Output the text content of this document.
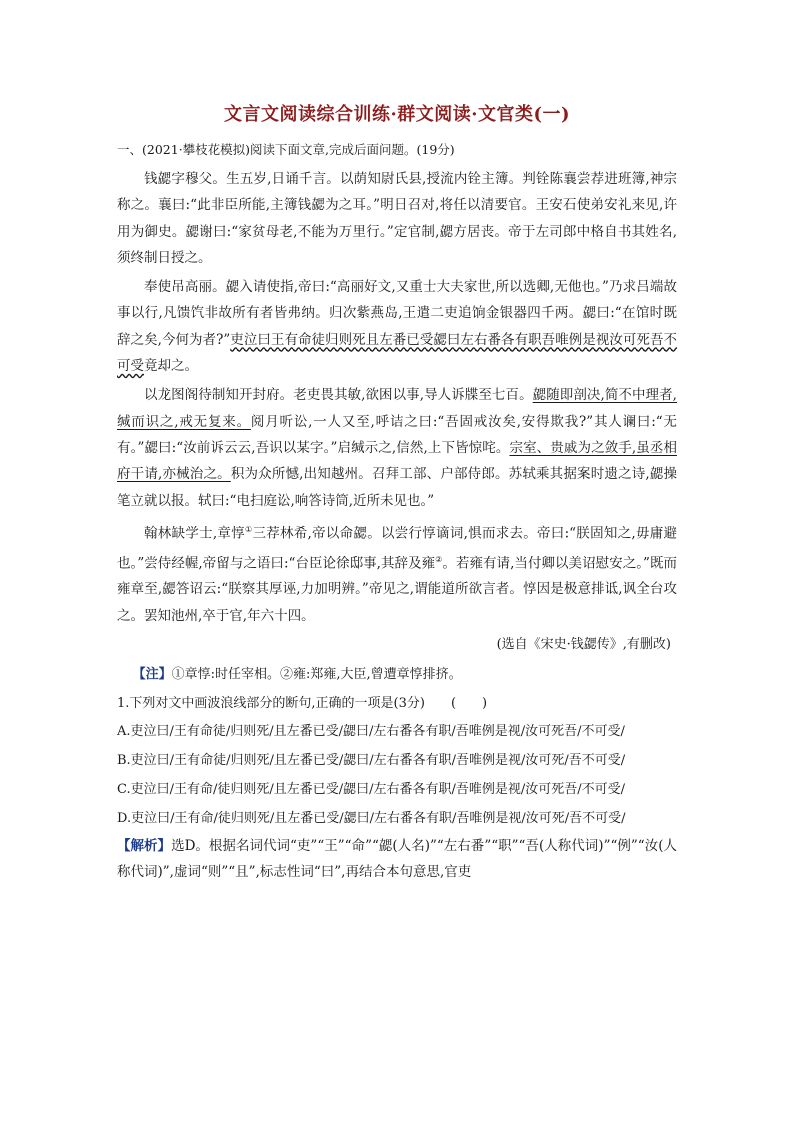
文言文阅读综合训练·群文阅读·文官类(一)

一、(2021·攀枝花模拟)阅读下面文章,完成后面问题。(19分)

钱勰字穆父。生五岁,日诵千言。以荫知尉氏县,授流内铨主簿。判铨陈襄尝荐进班簿,神宗称之。襄曰:“此非臣所能,主簿钱勰为之耳。”明日召对,将任以清要官。王安石使弟安礼来见,许用为御史。勰谢曰:“家贫母老,不能为万里行。”定官制,勰方居丧。帝于左司郎中格自书其姓名,须终制日授之。

奉使吊高丽。勰入请使指,帝曰:“高丽好文,又重士大夫家世,所以选卿,无他也。”乃求吕端故事以行,凡馈饩非故所有者皆弗纳。归次紫燕岛,王遣二吏追饷金银器四千两。勰曰:“在馆时既辞之矣,今何为者?”吏泣曰王有命徒归则死且左番已受勰曰左右番各有职吾唯例是视汝可死吾不可受竟却之。

以龙图阁待制知开封府。老吏畏其敏,欲困以事,导人诉牒至七百。勰随即剖决,简不中理者,缄而识之,戒无复来。阅月听讼,一人又至,呼诘之曰:“吾固戒汝矣,安得欺我?”其人谰曰:“无有。”勰曰:“汝前诉云云,吾识以某字。”启缄示之,信然,上下皆惊咤。宗室、贵戚为之敛手,虽丞相府干请,亦械治之。积为众所憾,出知越州。召拜工部、户部侍郎。苏轼乘其据案时遗之诗,勰操笔立就以报。轼曰:“电扫庭讼,响答诗筒,近所未见也。”

翰林缺学士,章惇①三荐林希,帝以命勰。以尝行惇谪词,惧而求去。帝曰:“朕固知之,毋庸避也。”尝侍经幄,帝留与之语曰:“台臣论徐邸事,其辞及雍②。若雍有请,当付卿以美诏慰安之。”既而雍章至,勰答诏云:“朕察其厚诬,力加明辨。”帝见之,谓能道所欲言者。惇因是极意排诋,讽全台攻之。罢知池州,卒于官,年六十四。

(选自《宋史·钱勰传》,有删改)

【注】①章惇:时任宰相。②雍:郑雍,大臣,曾遭章惇排挤。

1.下列对文中画波浪线部分的断句,正确的一项是(3分)　　(　　)

A.吏泣曰/王有命徒/归则死/且左番已受/勰曰/左右番各有职/吾唯例是视/汝可死吾/不可受/

B.吏泣曰/王有命徒/归则死/且左番已受/勰曰/左右番各有职/吾唯例是视/汝可死/吾不可受/

C.吏泣曰/王有命/徒归则死/且左番已受/勰曰/左右番各有职/吾唯例是视/汝可死吾/不可受/

D.吏泣曰/王有命/徒归则死/且左番已受/勰曰/左右番各有职/吾唯例是视/汝可死/吾不可受/

【解析】选D。根据名词代词“吏”“王”“命”“勰(人名)”“左右番”“职”“吾(人称代词)”“例”“汝(人称代词)”,虚词“则”“且”,标志性词“曰”,再结合本句意思,官吏
